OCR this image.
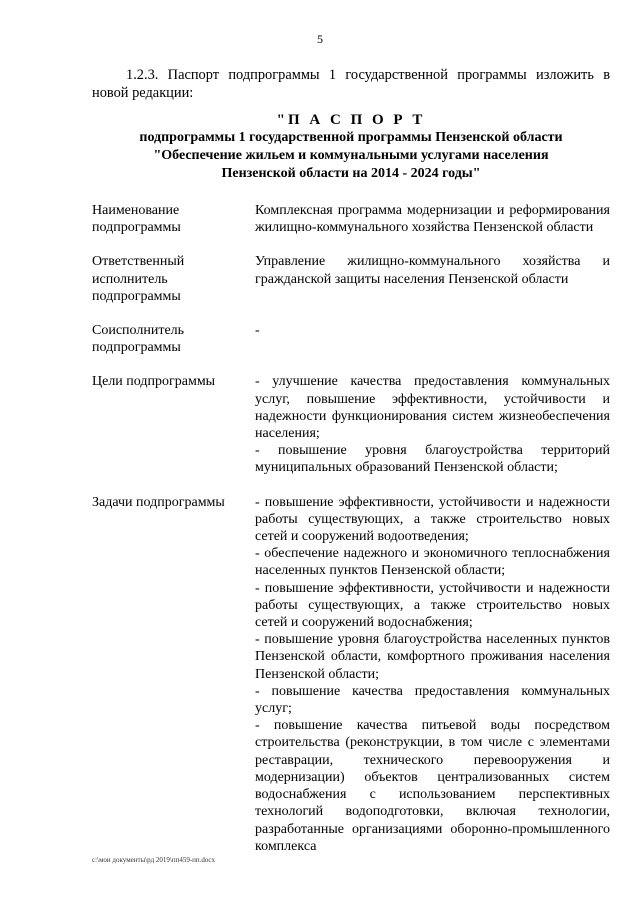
5
1.2.3. Паспорт подпрограммы 1 государственной программы изложить в новой редакции:
"П А С П О Р Т
подпрограммы 1 государственной программы Пензенской области
"Обеспечение жильем и коммунальными услугами населения
Пензенской области на 2014 - 2024 годы"
Наименование подпрограммы
Комплексная программа модернизации и реформирования жилищно-коммунального хозяйства Пензенской области
Ответственный исполнитель подпрограммы
Управление жилищно-коммунального хозяйства и гражданской защиты населения Пензенской области
Соисполнитель подпрограммы
-
Цели подпрограммы	- улучшение качества предоставления коммунальных услуг, повышение эффективности, устойчивости и надежности функционирования систем жизнеобеспечения населения;
- повышение уровня благоустройства территорий муниципальных образований Пензенской области;
Задачи подпрограммы	- повышение эффективности, устойчивости и надежности работы существующих, а также строительство новых сетей и сооружений водоотведения;
- обеспечение надежного и экономичного теплоснабжения населенных пунктов Пензенской области;
- повышение эффективности, устойчивости и надежности работы существующих, а также строительство новых сетей и сооружений водоснабжения;
- повышение уровня благоустройства населенных пунктов Пензенской области, комфортного проживания населения Пензенской области;
- повышение качества предоставления коммунальных услуг;
- повышение качества питьевой воды посредством строительства (реконструкции, в том числе с элементами реставрации, технического перевооружения и модернизации) объектов централизованных систем водоснабжения с использованием перспективных технологий водоподготовки, включая технологии, разработанные организациями оборонно-промышленного комплекса
c:\мои документы\рд 2019\пп459-пп.docx
